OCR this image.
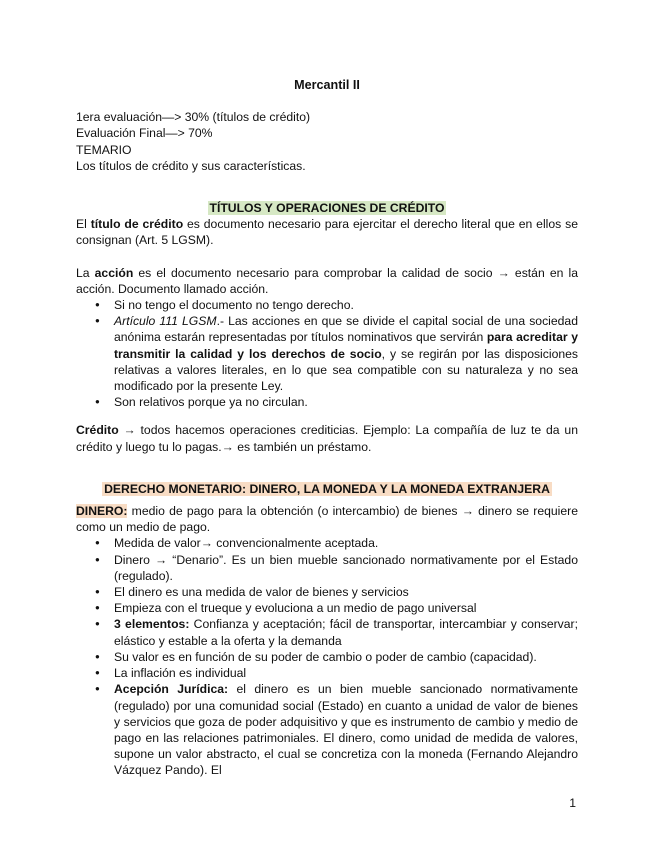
Mercantil II

1era evaluación—> 30% (títulos de crédito)

Evaluación Final—> 70%

TEMARIO

Los títulos de crédito y sus características.

TÍTULOS Y OPERACIONES DE CRÉDITO

El título de crédito es documento necesario para ejercitar el derecho literal que en ellos se consignan (Art. 5 LGSM).

La acción es el documento necesario para comprobar la calidad de socio → están en la acción. Documento llamado acción.

● Si no tengo el documento no tengo derecho.
● Artículo 111 LGSM.- Las acciones en que se divide el capital social de una sociedad anónima estarán representadas por títulos nominativos que servirán para acreditar y transmitir la calidad y los derechos de socio, y se regirán por las disposiciones relativas a valores literales, en lo que sea compatible con su naturaleza y no sea modificado por la presente Ley.
● Son relativos porque ya no circulan.

Crédito → todos hacemos operaciones crediticias. Ejemplo: La compañía de luz te da un crédito y luego tu lo pagas.→ es también un préstamo.

DERECHO MONETARIO: DINERO, LA MONEDA Y LA MONEDA EXTRANJERA

DINERO: medio de pago para la obtención (o intercambio) de bienes → dinero se requiere como un medio de pago.

● Medida de valor→ convencionalmente aceptada.
● Dinero → “Denario”. Es un bien mueble sancionado normativamente por el Estado (regulado).
● El dinero es una medida de valor de bienes y servicios
● Empieza con el trueque y evoluciona a un medio de pago universal
● 3 elementos: Confianza y aceptación; fácil de transportar, intercambiar y conservar; elástico y estable a la oferta y la demanda
● Su valor es en función de su poder de cambio o poder de cambio (capacidad).
● La inflación es individual
● Acepción Jurídica: el dinero es un bien mueble sancionado normativamente (regulado) por una comunidad social (Estado) en cuanto a unidad de valor de bienes y servicios que goza de poder adquisitivo y que es instrumento de cambio y medio de pago en las relaciones patrimoniales. El dinero, como unidad de medida de valores, supone un valor abstracto, el cual se concretiza con la moneda (Fernando Alejandro Vázquez Pando). El
1
